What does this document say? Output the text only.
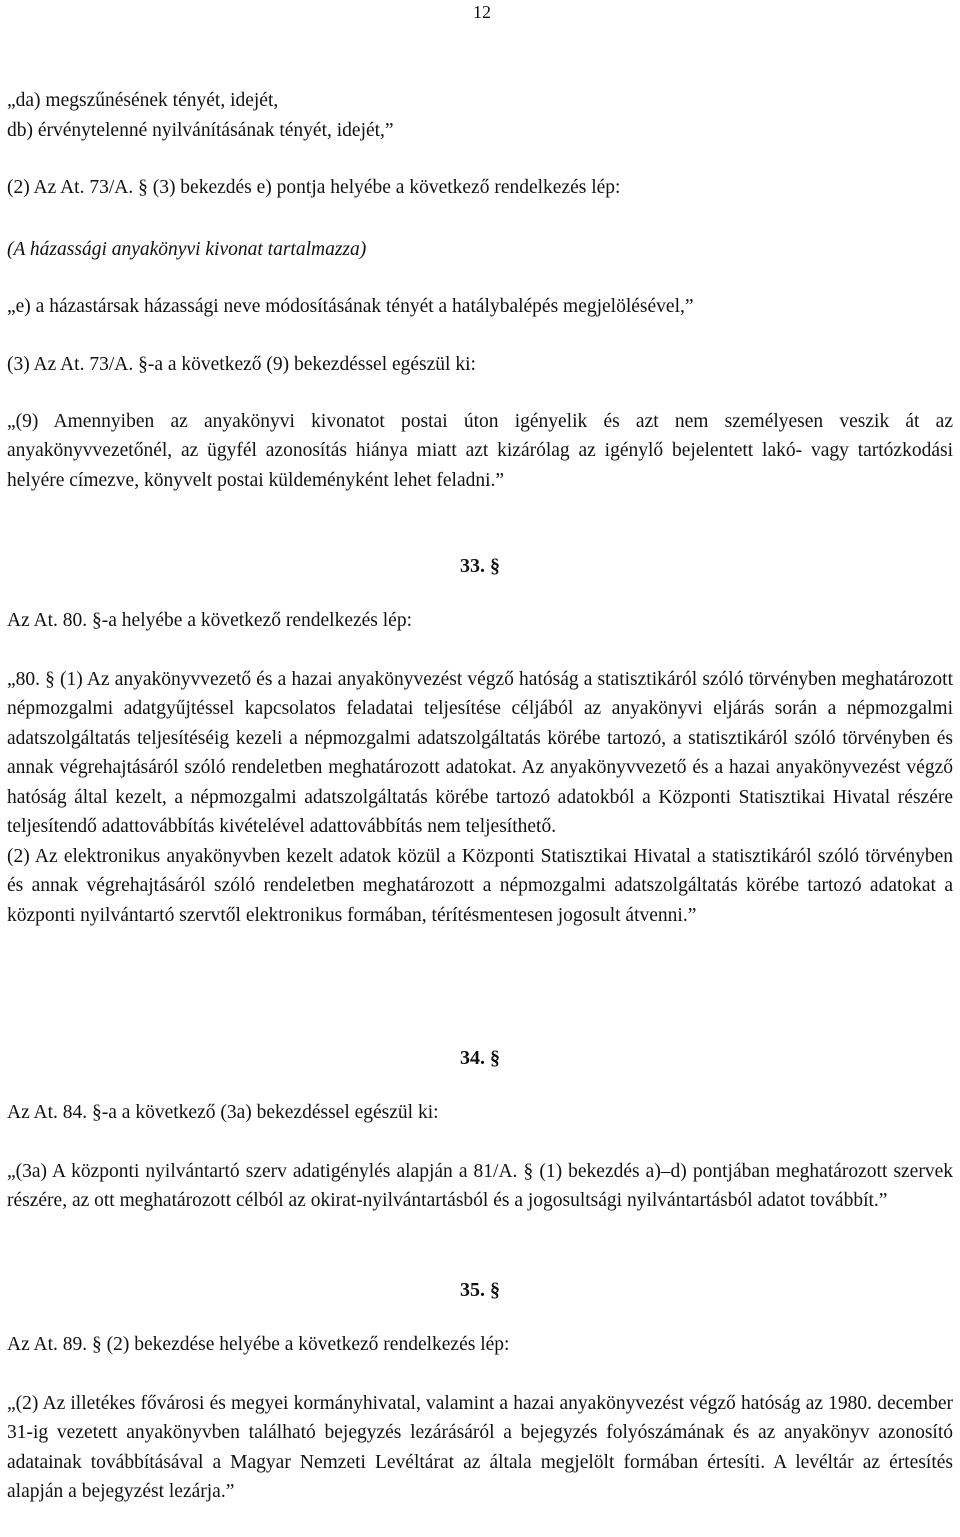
12

„da) megszűnésének tényét, idejét,

db) érvénytelenné nyilvánításának tényét, idejét,”

(2) Az At. 73/A. § (3) bekezdés e) pontja helyébe a következő rendelkezés lép:

(A házassági anyakönyvi kivonat tartalmazza)

„e) a házastársak házassági neve módosításának tényét a hatálybalépés megjelölésével,”

(3) Az At. 73/A. §-a a következő (9) bekezdéssel egészül ki:

„(9) Amennyiben az anyakönyvi kivonatot postai úton igényelik és azt nem személyesen veszik át az anyakönyvvezetőnél, az ügyfél azonosítás hiánya miatt azt kizárólag az igénylő bejelentett lakó- vagy tartózkodási helyére címezve, könyvelt postai küldeményként lehet feladni.”

33. §

Az At. 80. §-a helyébe a következő rendelkezés lép:

„80. § (1) Az anyakönyvvezető és a hazai anyakönyvezést végző hatóság a statisztikáról szóló törvényben meghatározott népmozgalmi adatgyűjtéssel kapcsolatos feladatai teljesítése céljából az anyakönyvi eljárás során a népmozgalmi adatszolgáltatás teljesítéséig kezeli a népmozgalmi adatszolgáltatás körébe tartozó, a statisztikáról szóló törvényben és annak végrehajtásáról szóló rendeletben meghatározott adatokat. Az anyakönyvvezető és a hazai anyakönyvezést végző hatóság által kezelt, a népmozgalmi adatszolgáltatás körébe tartozó adatokból a Központi Statisztikai Hivatal részére teljesítendő adattovábbítás kivételével adattovábbítás nem teljesíthető.

(2) Az elektronikus anyakönyvben kezelt adatok közül a Központi Statisztikai Hivatal a statisztikáról szóló törvényben és annak végrehajtásáról szóló rendeletben meghatározott a népmozgalmi adatszolgáltatás körébe tartozó adatokat a központi nyilvántartó szervtől elektronikus formában, térítésmentesen jogosult átvenni.”

34. §

Az At. 84. §-a a következő (3a) bekezdéssel egészül ki:

„(3a) A központi nyilvántartó szerv adatigénylés alapján a 81/A. § (1) bekezdés a)–d) pontjában meghatározott szervek részére, az ott meghatározott célból az okirat-nyilvántartásból és a jogosultsági nyilvántartásból adatot továbbít.”

35. §

Az At. 89. § (2) bekezdése helyébe a következő rendelkezés lép:

„(2) Az illetékes fővárosi és megyei kormányhivatal, valamint a hazai anyakönyvezést végző hatóság az 1980. december 31-ig vezetett anyakönyvben található bejegyzés lezárásáról a bejegyzés folyószámának és az anyakönyv azonosító adatainak továbbításával a Magyar Nemzeti Levéltárat az általa megjelölt formában értesíti. A levéltár az értesítés alapján a bejegyzést lezárja.”
